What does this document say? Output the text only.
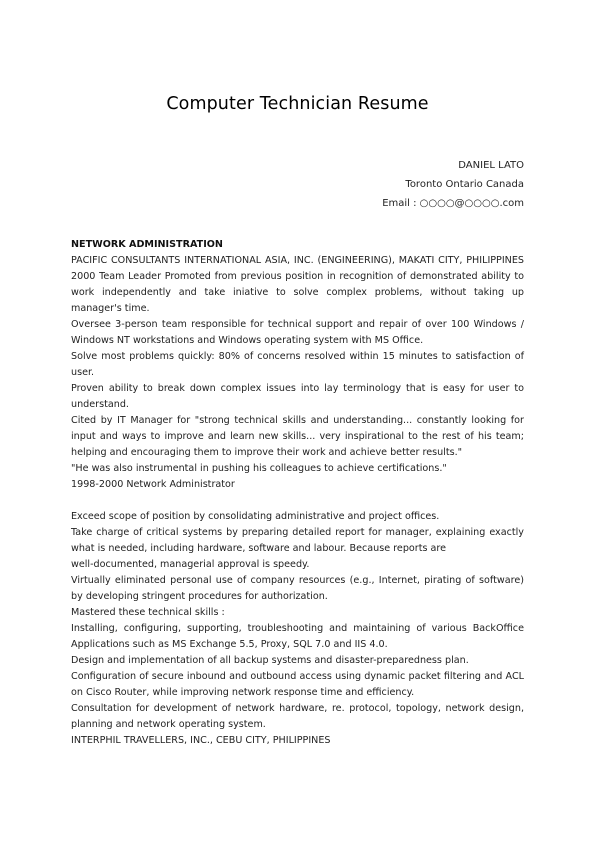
Computer Technician Resume
DANIEL LATO
Toronto Ontario Canada
Email : ○○○○@○○○○.com
NETWORK ADMINISTRATION
PACIFIC CONSULTANTS INTERNATIONAL ASIA, INC. (ENGINEERING), MAKATI CITY, PHILIPPINES 2000 Team Leader Promoted from previous position in recognition of demonstrated ability to work independently and take iniative to solve complex problems, without taking up manager's time.
Oversee 3-person team responsible for technical support and repair of over 100 Windows / Windows NT workstations and Windows operating system with MS Office.
Solve most problems quickly: 80% of concerns resolved within 15 minutes to satisfaction of user.
Proven ability to break down complex issues into lay terminology that is easy for user to understand.
Cited by IT Manager for "strong technical skills and understanding... constantly looking for input and ways to improve and learn new skills... very inspirational to the rest of his team; helping and encouraging them to improve their work and achieve better results."
"He was also instrumental in pushing his colleagues to achieve certifications."
1998-2000 Network Administrator
Exceed scope of position by consolidating administrative and project offices.
Take charge of critical systems by preparing detailed report for manager, explaining exactly what is needed, including hardware, software and labour. Because reports are
well-documented, managerial approval is speedy.
Virtually eliminated personal use of company resources (e.g., Internet, pirating of software) by developing stringent procedures for authorization.
Mastered these technical skills :
Installing, configuring, supporting, troubleshooting and maintaining of various BackOffice Applications such as MS Exchange 5.5, Proxy, SQL 7.0 and IIS 4.0.
Design and implementation of all backup systems and disaster-preparedness plan.
Configuration of secure inbound and outbound access using dynamic packet filtering and ACL on Cisco Router, while improving network response time and efficiency.
Consultation for development of network hardware, re. protocol, topology, network design, planning and network operating system.
INTERPHIL TRAVELLERS, INC., CEBU CITY, PHILIPPINES
